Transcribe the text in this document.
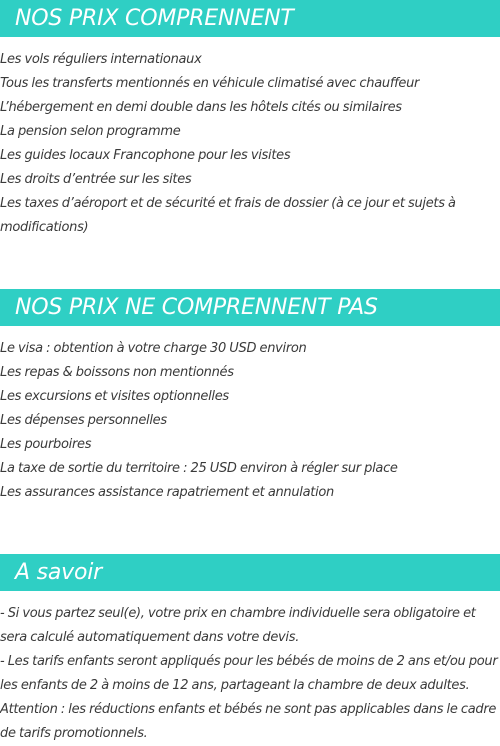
NOS PRIX COMPRENNENT
Les vols réguliers internationaux
Tous les transferts mentionnés en véhicule climatisé avec chauffeur
L’hébergement en demi double dans les hôtels cités ou similaires
La pension selon programme
Les guides locaux Francophone pour les visites
Les droits d’entrée sur les sites
Les taxes d’aéroport et de sécurité et frais de dossier (à ce jour et sujets à modifications)
NOS PRIX NE COMPRENNENT PAS
Le visa : obtention à votre charge 30 USD environ
Les repas & boissons non mentionnés
Les excursions et visites optionnelles
Les dépenses personnelles
Les pourboires
La taxe de sortie du territoire : 25 USD environ à régler sur place
Les assurances assistance rapatriement et annulation
A savoir
- Si vous partez seul(e), votre prix en chambre individuelle sera obligatoire et sera calculé automatiquement dans votre devis.
- Les tarifs enfants seront appliqués pour les bébés de moins de 2 ans et/ou pour les enfants de 2 à moins de 12 ans, partageant la chambre de deux adultes.
Attention : les réductions enfants et bébés ne sont pas applicables dans le cadre de tarifs promotionnels.
